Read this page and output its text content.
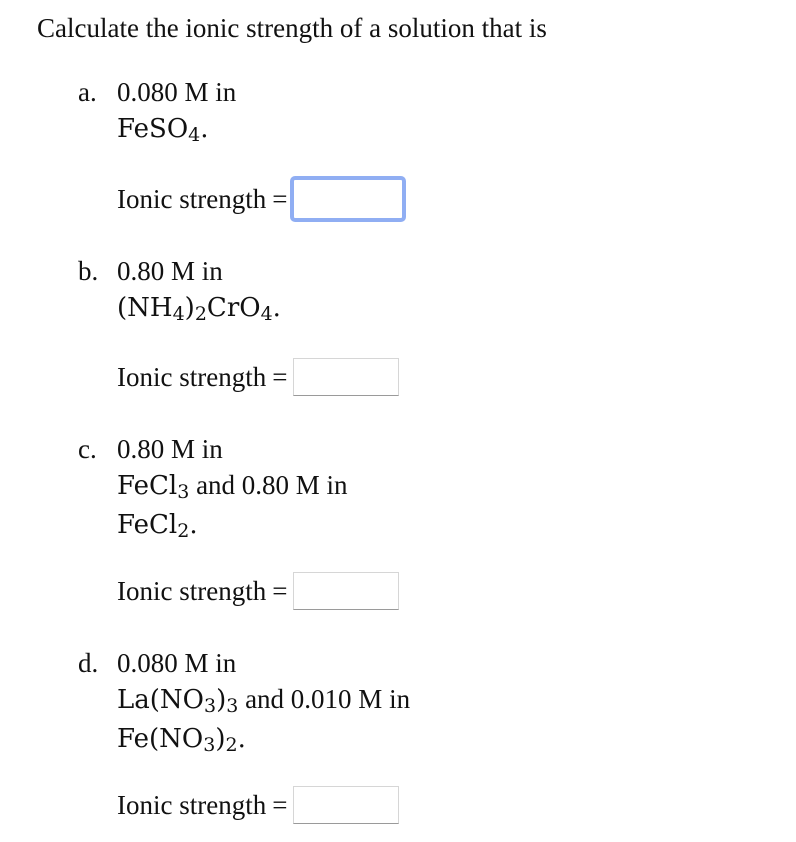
Calculate the ionic strength of a solution that is
a. 0.080 M in
FeSO4.
Ionic strength =
b. 0.80 M in
(NH4)2CrO4.
Ionic strength =
c. 0.80 M in
FeCl3 and 0.80 M in
FeCl2.
Ionic strength =
d. 0.080 M in
La(NO3)3 and 0.010 M in
Fe(NO3)2.
Ionic strength =
